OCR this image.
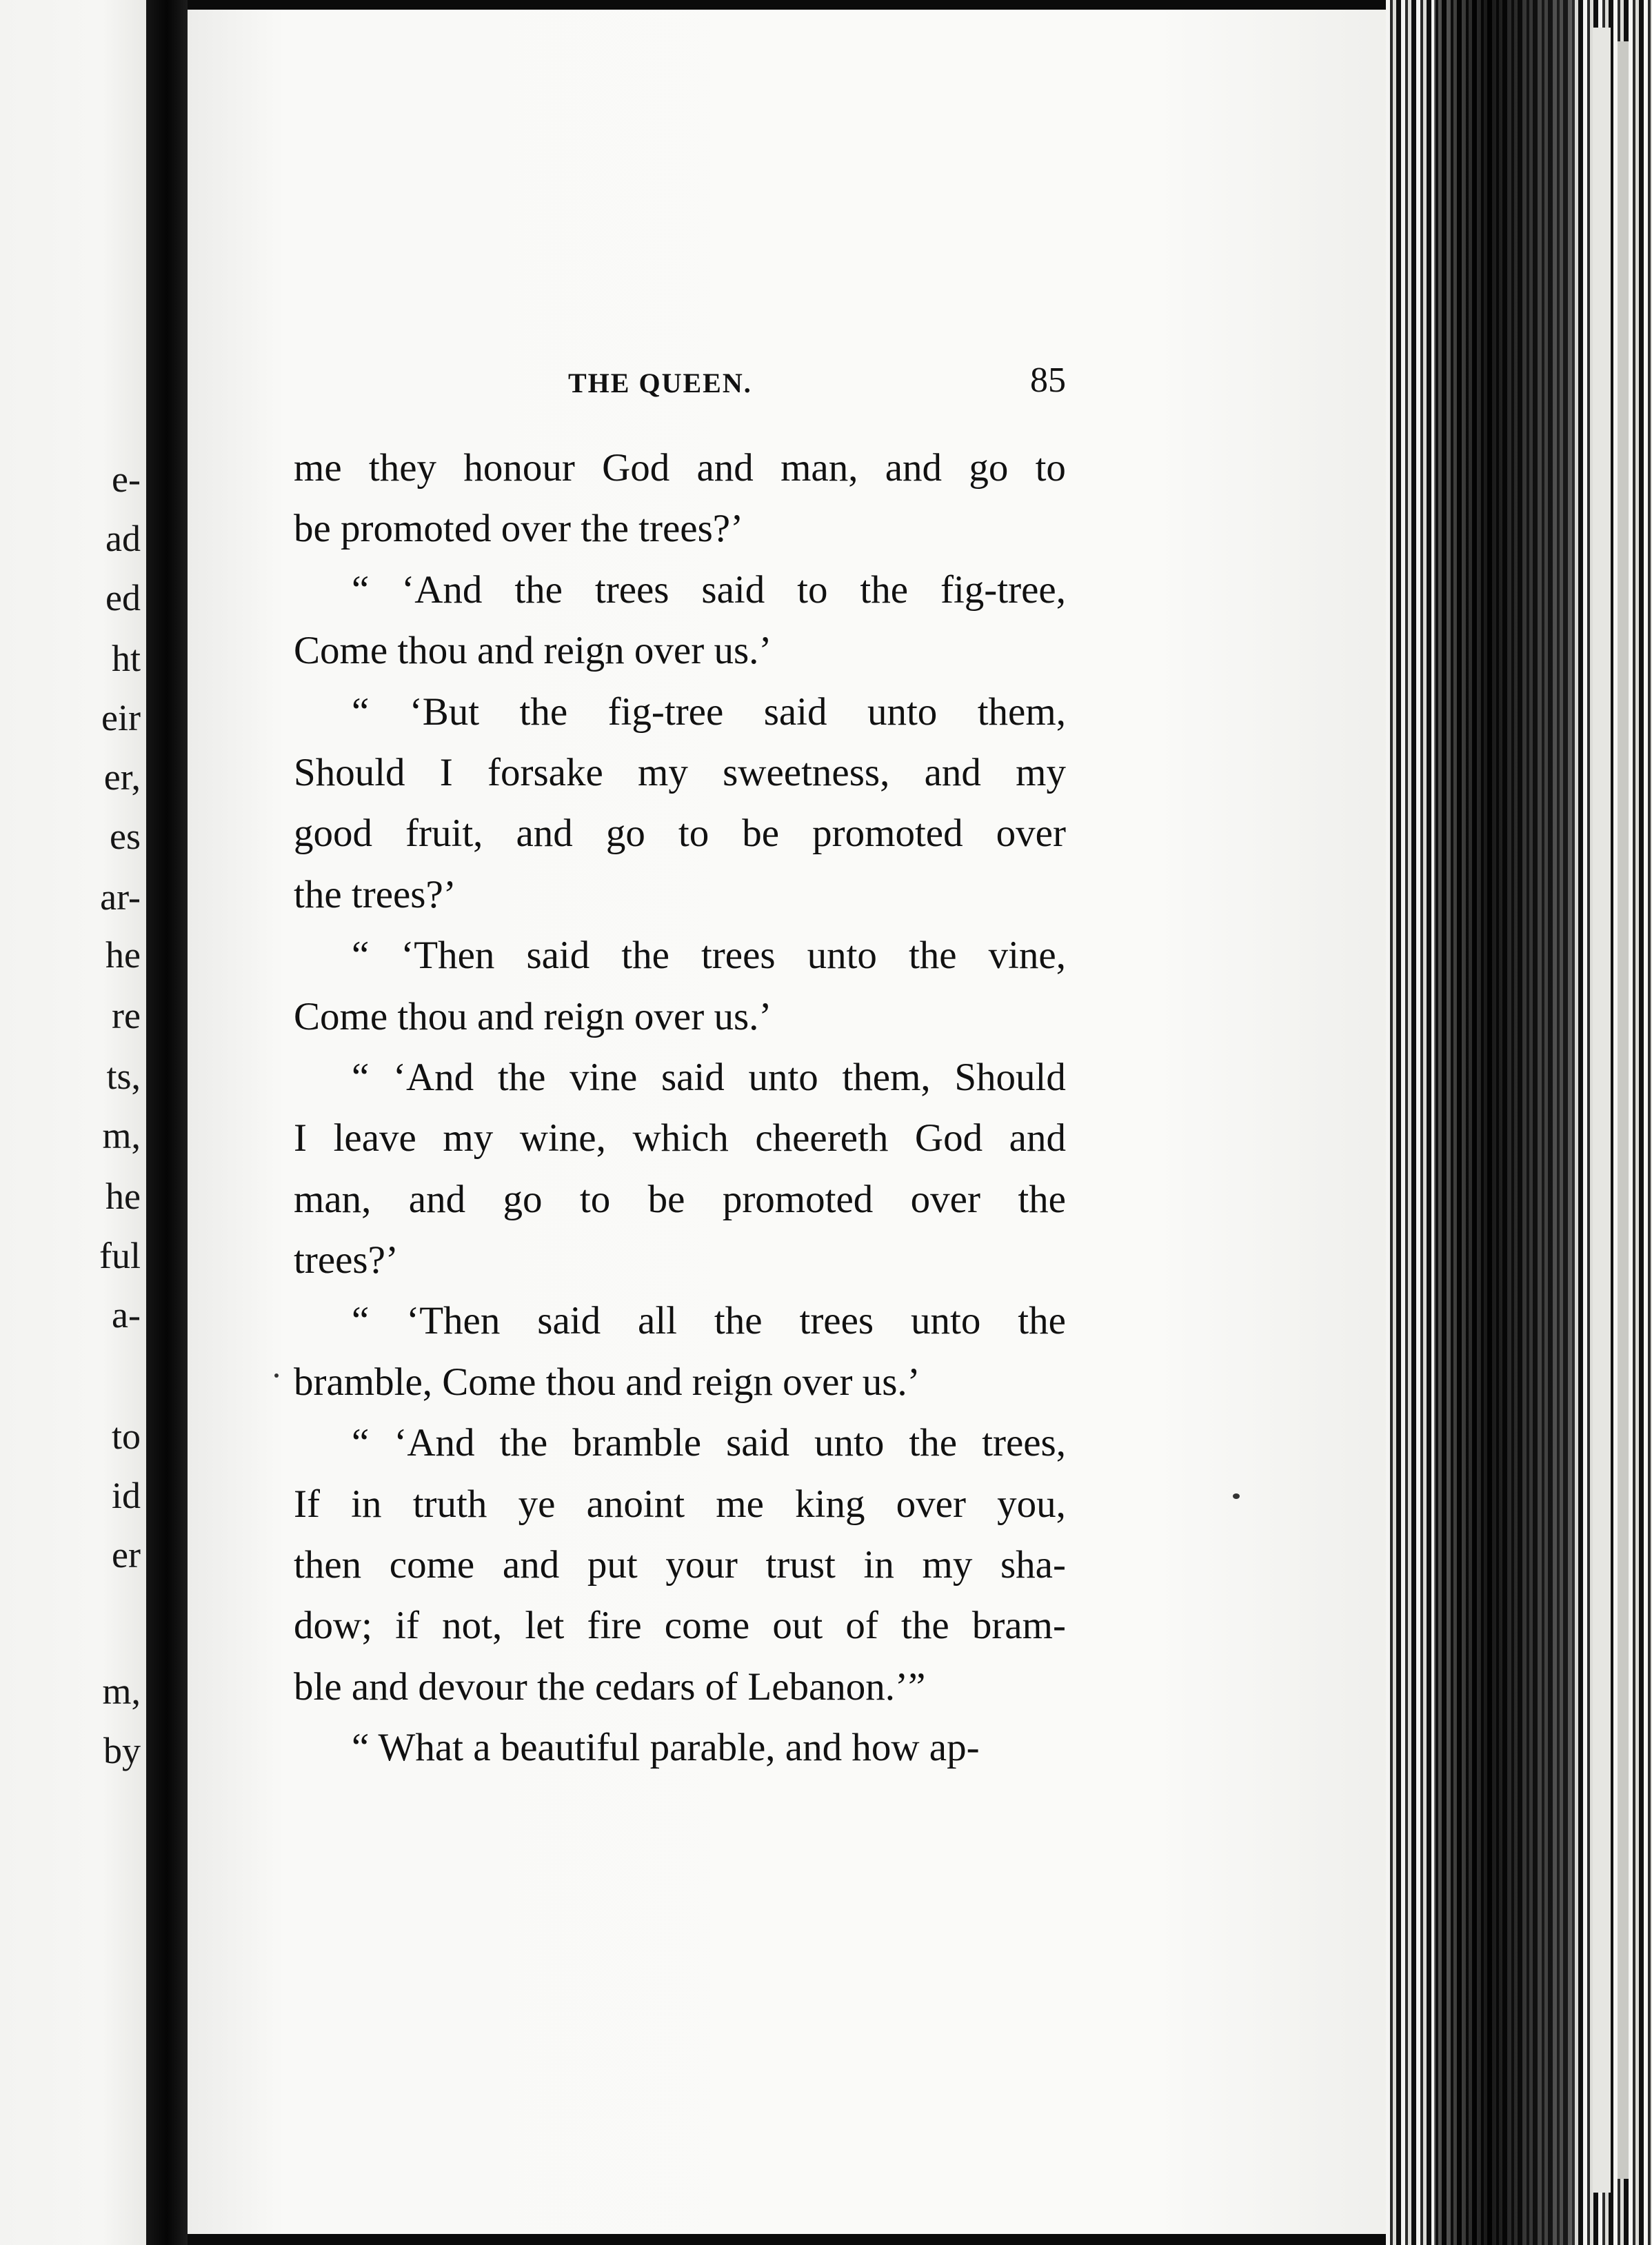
e-
ad
ed
ht
eir
er,
es
ar-
he
re
ts,
m,
he
ful
a-
to
id
er
m,
by
THE QUEEN.	85
me they honour God and man, and go to
be promoted over the trees?’
“ ‘And the trees said to the fig-tree,
Come thou and reign over us.’
“ ‘But the fig-tree said unto them,
Should I forsake my sweetness, and my
good fruit, and go to be promoted over
the trees?’
“ ‘Then said the trees unto the vine,
Come thou and reign over us.’
“ ‘And the vine said unto them, Should
I leave my wine, which cheereth God and
man, and go to be promoted over the
trees?’
“ ‘Then said all the trees unto the
bramble, Come thou and reign over us.’
“ ‘And the bramble said unto the trees,
If in truth ye anoint me king over you,
then come and put your trust in my sha-
dow; if not, let fire come out of the bram-
ble and devour the cedars of Lebanon.’”
“ What a beautiful parable, and how ap-
